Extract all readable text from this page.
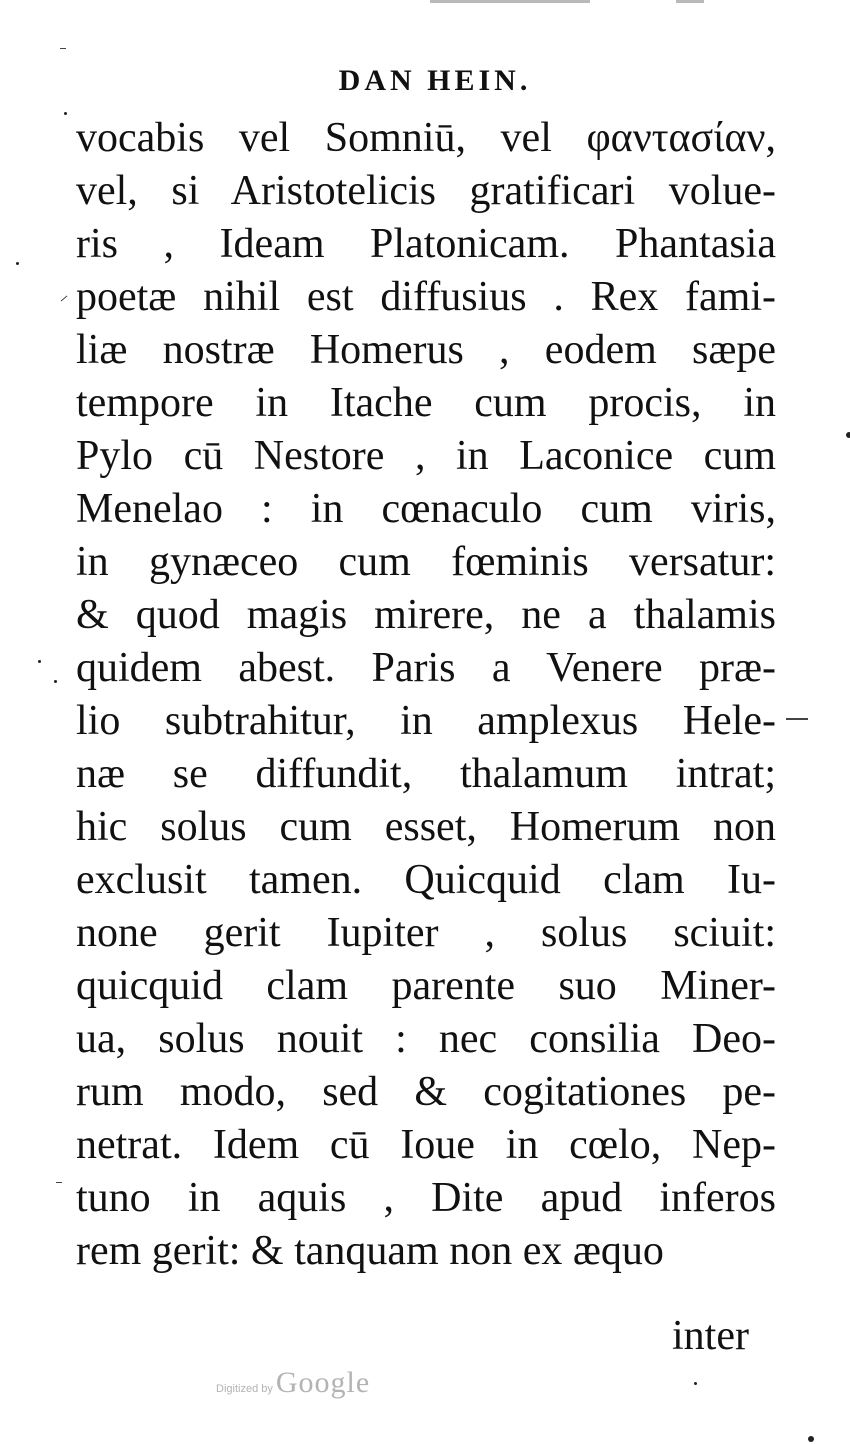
DAN HEIN.
vocabis vel Somniū, vel φαντασίαν,
vel, si Aristotelicis gratificari volue-
ris , Ideam Platonicam. Phantasia
poetæ nihil est diffusius . Rex fami-
liæ nostræ Homerus , eodem sæpe
tempore in Itache cum procis, in
Pylo cū Nestore , in Laconice cum
Menelao : in cœnaculo cum viris,
in gynæceo cum fœminis versatur:
& quod magis mirere, ne a thalamis
quidem abest. Paris a Venere præ-
lio subtrahitur, in amplexus Hele-
næ se diffundit, thalamum intrat;
hic solus cum esset, Homerum non
exclusit tamen. Quicquid clam Iu-
none gerit Iupiter , solus sciuit:
quicquid clam parente suo Miner-
ua, solus nouit : nec consilia Deo-
rum modo, sed & cogitationes pe-
netrat. Idem cū Ioue in cœlo, Nep-
tuno in aquis , Dite apud inferos
rem gerit: & tanquam non ex æquo
inter
Digitized by Google
